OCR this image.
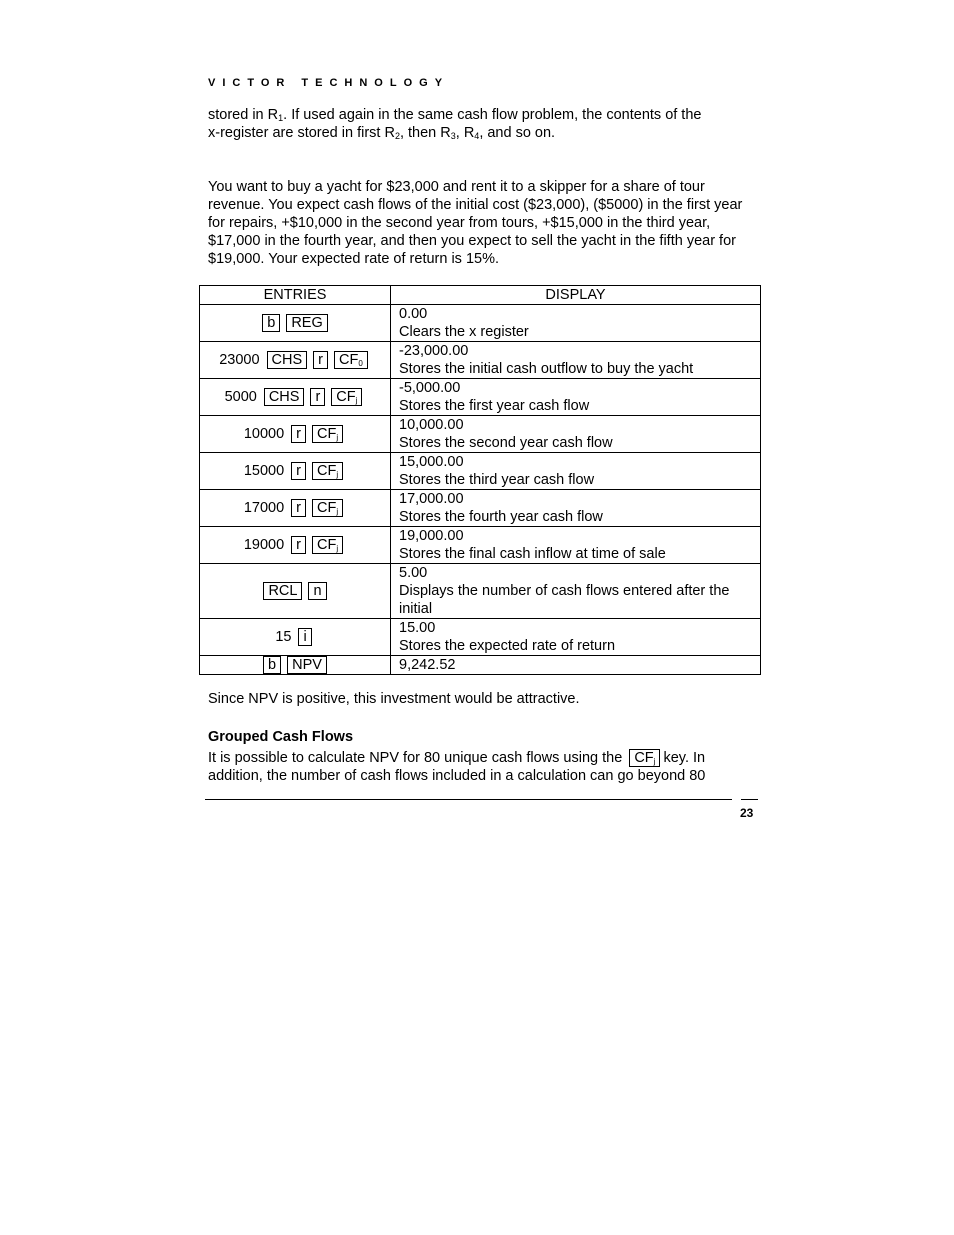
VICTOR TECHNOLOGY

stored in $R_1$. If used again in the same cash flow problem, the contents of the
x-register are stored in first $R_2$, then $R_3$, $R_4$, and so on.

You want to buy a yacht for $23,000 and rent it to a skipper for a share of tour revenue. You expect cash flows of the initial cost ($23,000), ($5000) in the first year for repairs, +$10,000 in the second year from tours, +$15,000 in the third year, $17,000 in the fourth year, and then you expect to sell the yacht in the fifth year for $19,000. Your expected rate of return is 15%.

ENTRIES	DISPLAY
b REG	0.00
Clears the x register

23000 CHS r $CF_0$	-23,000.00
Stores the initial cash outflow to buy the yacht

5000 CHS r $CF_j$	-5,000.00
Stores the first year cash flow

10000 r $CF_j$	10,000.00
Stores the second year cash flow

15000 r $CF_j$	15,000.00
Stores the third year cash flow

17000 r $CF_j$	17,000.00
Stores the fourth year cash flow

19000 r $CF_j$	19,000.00
Stores the final cash inflow at time of sale

RCL n	5.00
Displays the number of cash flows entered after the initial

15 i	15.00
Stores the expected rate of return

b NPV	9,242.52

Since NPV is positive, this investment would be attractive.

Grouped Cash Flows

It is possible to calculate NPV for 80 unique cash flows using the $CF_j$ key. In addition, the number of cash flows included in a calculation can go beyond 80

23
